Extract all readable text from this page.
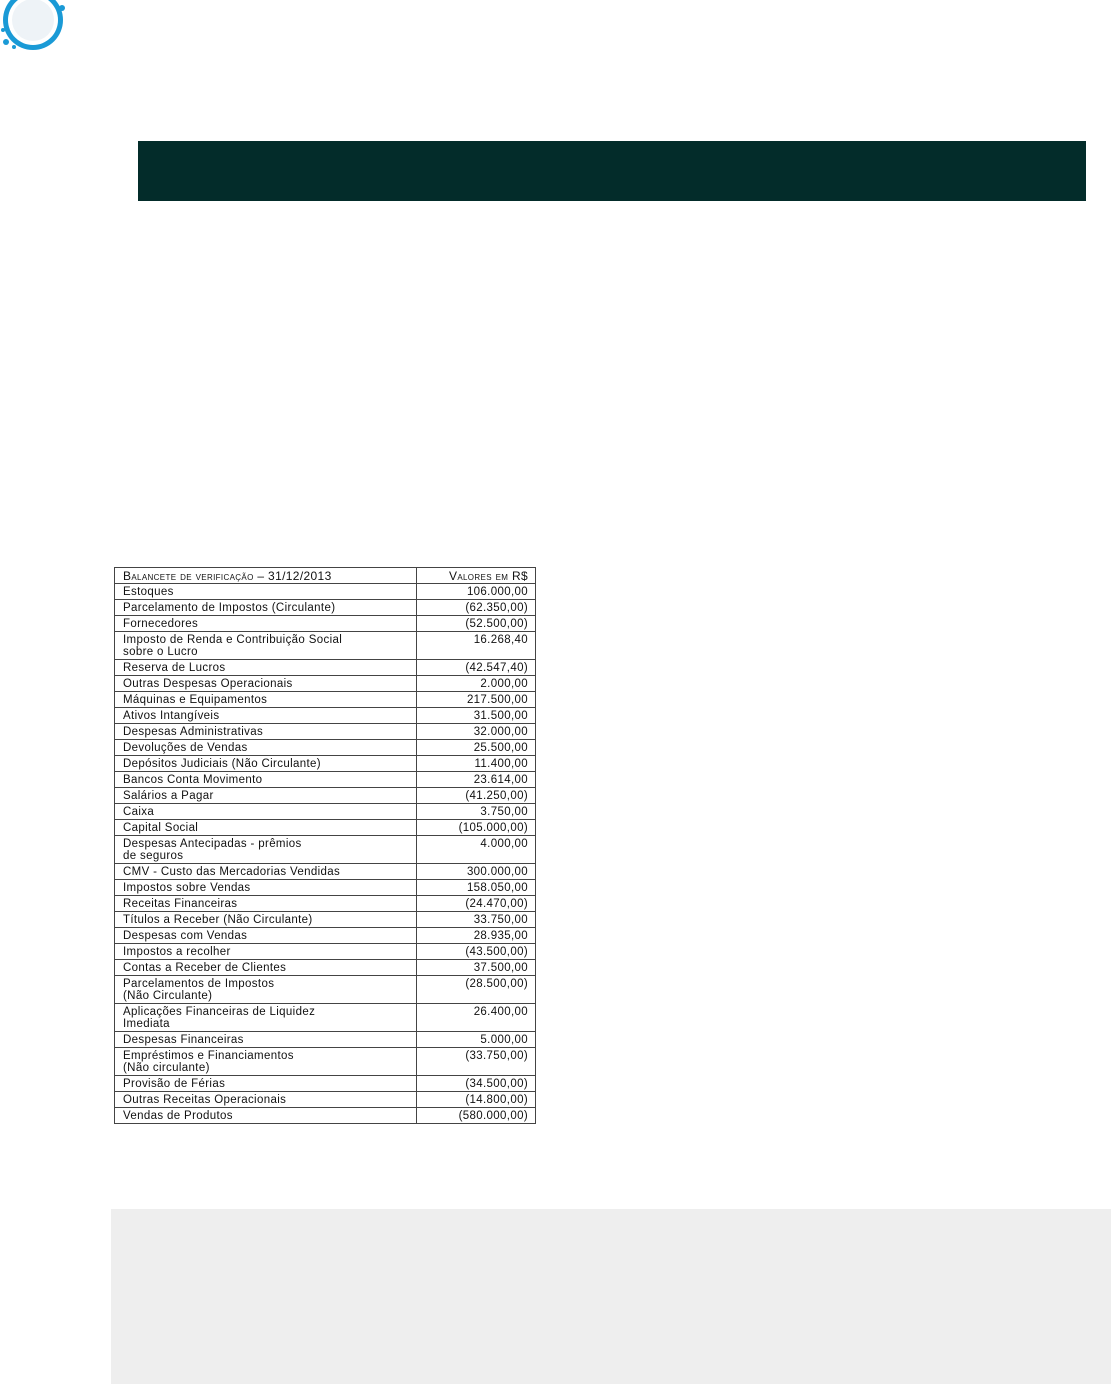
Balancete de verificação – 31/12/2013	Valores em R$
Estoques	106.000,00
Parcelamento de Impostos (Circulante)	(62.350,00)
Fornecedores	(52.500,00)
Imposto de Renda e Contribuição Social
sobre o Lucro	16.268,40
Reserva de Lucros	(42.547,40)
Outras Despesas Operacionais	2.000,00
Máquinas e Equipamentos	217.500,00
Ativos Intangíveis	31.500,00
Despesas Administrativas	32.000,00
Devoluções de Vendas	25.500,00
Depósitos Judiciais (Não Circulante)	11.400,00
Bancos Conta Movimento	23.614,00
Salários a Pagar	(41.250,00)
Caixa	3.750,00
Capital Social	(105.000,00)
Despesas Antecipadas - prêmios
de seguros	4.000,00
CMV - Custo das Mercadorias Vendidas	300.000,00
Impostos sobre Vendas	158.050,00
Receitas Financeiras	(24.470,00)
Títulos a Receber (Não Circulante)	33.750,00
Despesas com Vendas	28.935,00
Impostos a recolher	(43.500,00)
Contas a Receber de Clientes	37.500,00
Parcelamentos de Impostos
(Não Circulante)	(28.500,00)
Aplicações Financeiras de Liquidez
Imediata	26.400,00
Despesas Financeiras	5.000,00
Empréstimos e Financiamentos
(Não circulante)	(33.750,00)
Provisão de Férias	(34.500,00)
Outras Receitas Operacionais	(14.800,00)
Vendas de Produtos	(580.000,00)
